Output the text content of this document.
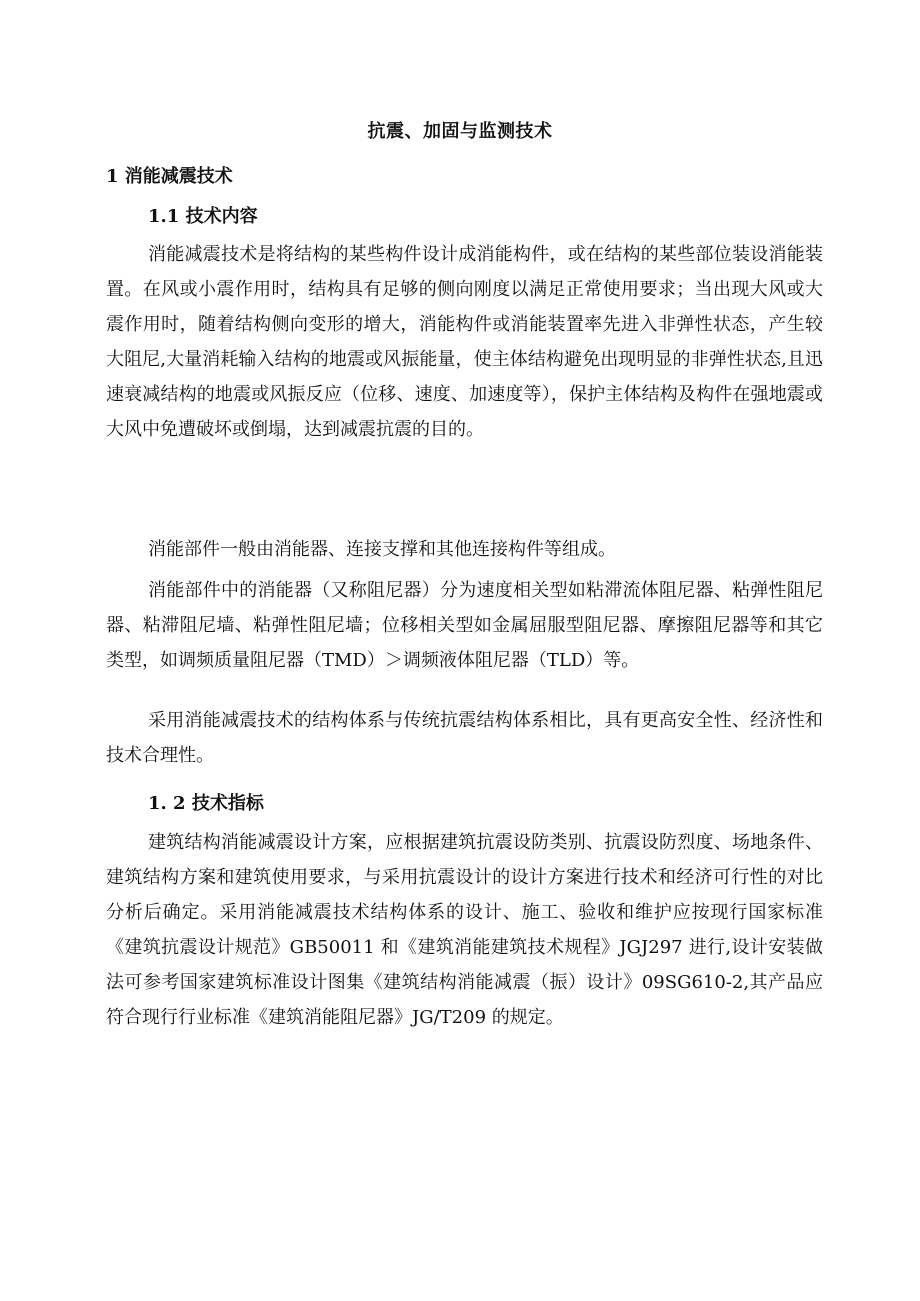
抗震、加固与监测技术
1 消能减震技术
1.1 技术内容

消能减震技术是将结构的某些构件设计成消能构件，或在结构的某些部位装设消能装置。在风或小震作用时，结构具有足够的侧向刚度以满足正常使用要求；当出现大风或大震作用时，随着结构侧向变形的增大，消能构件或消能装置率先进入非弹性状态，产生较大阻尼,大量消耗输入结构的地震或风振能量，使主体结构避免出现明显的非弹性状态,且迅速衰减结构的地震或风振反应（位移、速度、加速度等），保护主体结构及构件在强地震或大风中免遭破坏或倒塌，达到减震抗震的目的。

消能部件一般由消能器、连接支撑和其他连接构件等组成。

消能部件中的消能器（又称阻尼器）分为速度相关型如粘滞流体阻尼器、粘弹性阻尼器、粘滞阻尼墙、粘弹性阻尼墙；位移相关型如金属屈服型阻尼器、摩擦阻尼器等和其它类型，如调频质量阻尼器（TMD）＞调频液体阻尼器（TLD）等。

采用消能减震技术的结构体系与传统抗震结构体系相比，具有更高安全性、经济性和技术合理性。

1. 2 技术指标

建筑结构消能减震设计方案，应根据建筑抗震设防类别、抗震设防烈度、场地条件、建筑结构方案和建筑使用要求，与采用抗震设计的设计方案进行技术和经济可行性的对比分析后确定。采用消能减震技术结构体系的设计、施工、验收和维护应按现行国家标准《建筑抗震设计规范》GB50011 和《建筑消能建筑技术规程》JGJ297 进行,设计安装做法可参考国家建筑标准设计图集《建筑结构消能减震（振）设计》09SG610-2,其产品应符合现行行业标准《建筑消能阻尼器》JG/T209 的规定。
